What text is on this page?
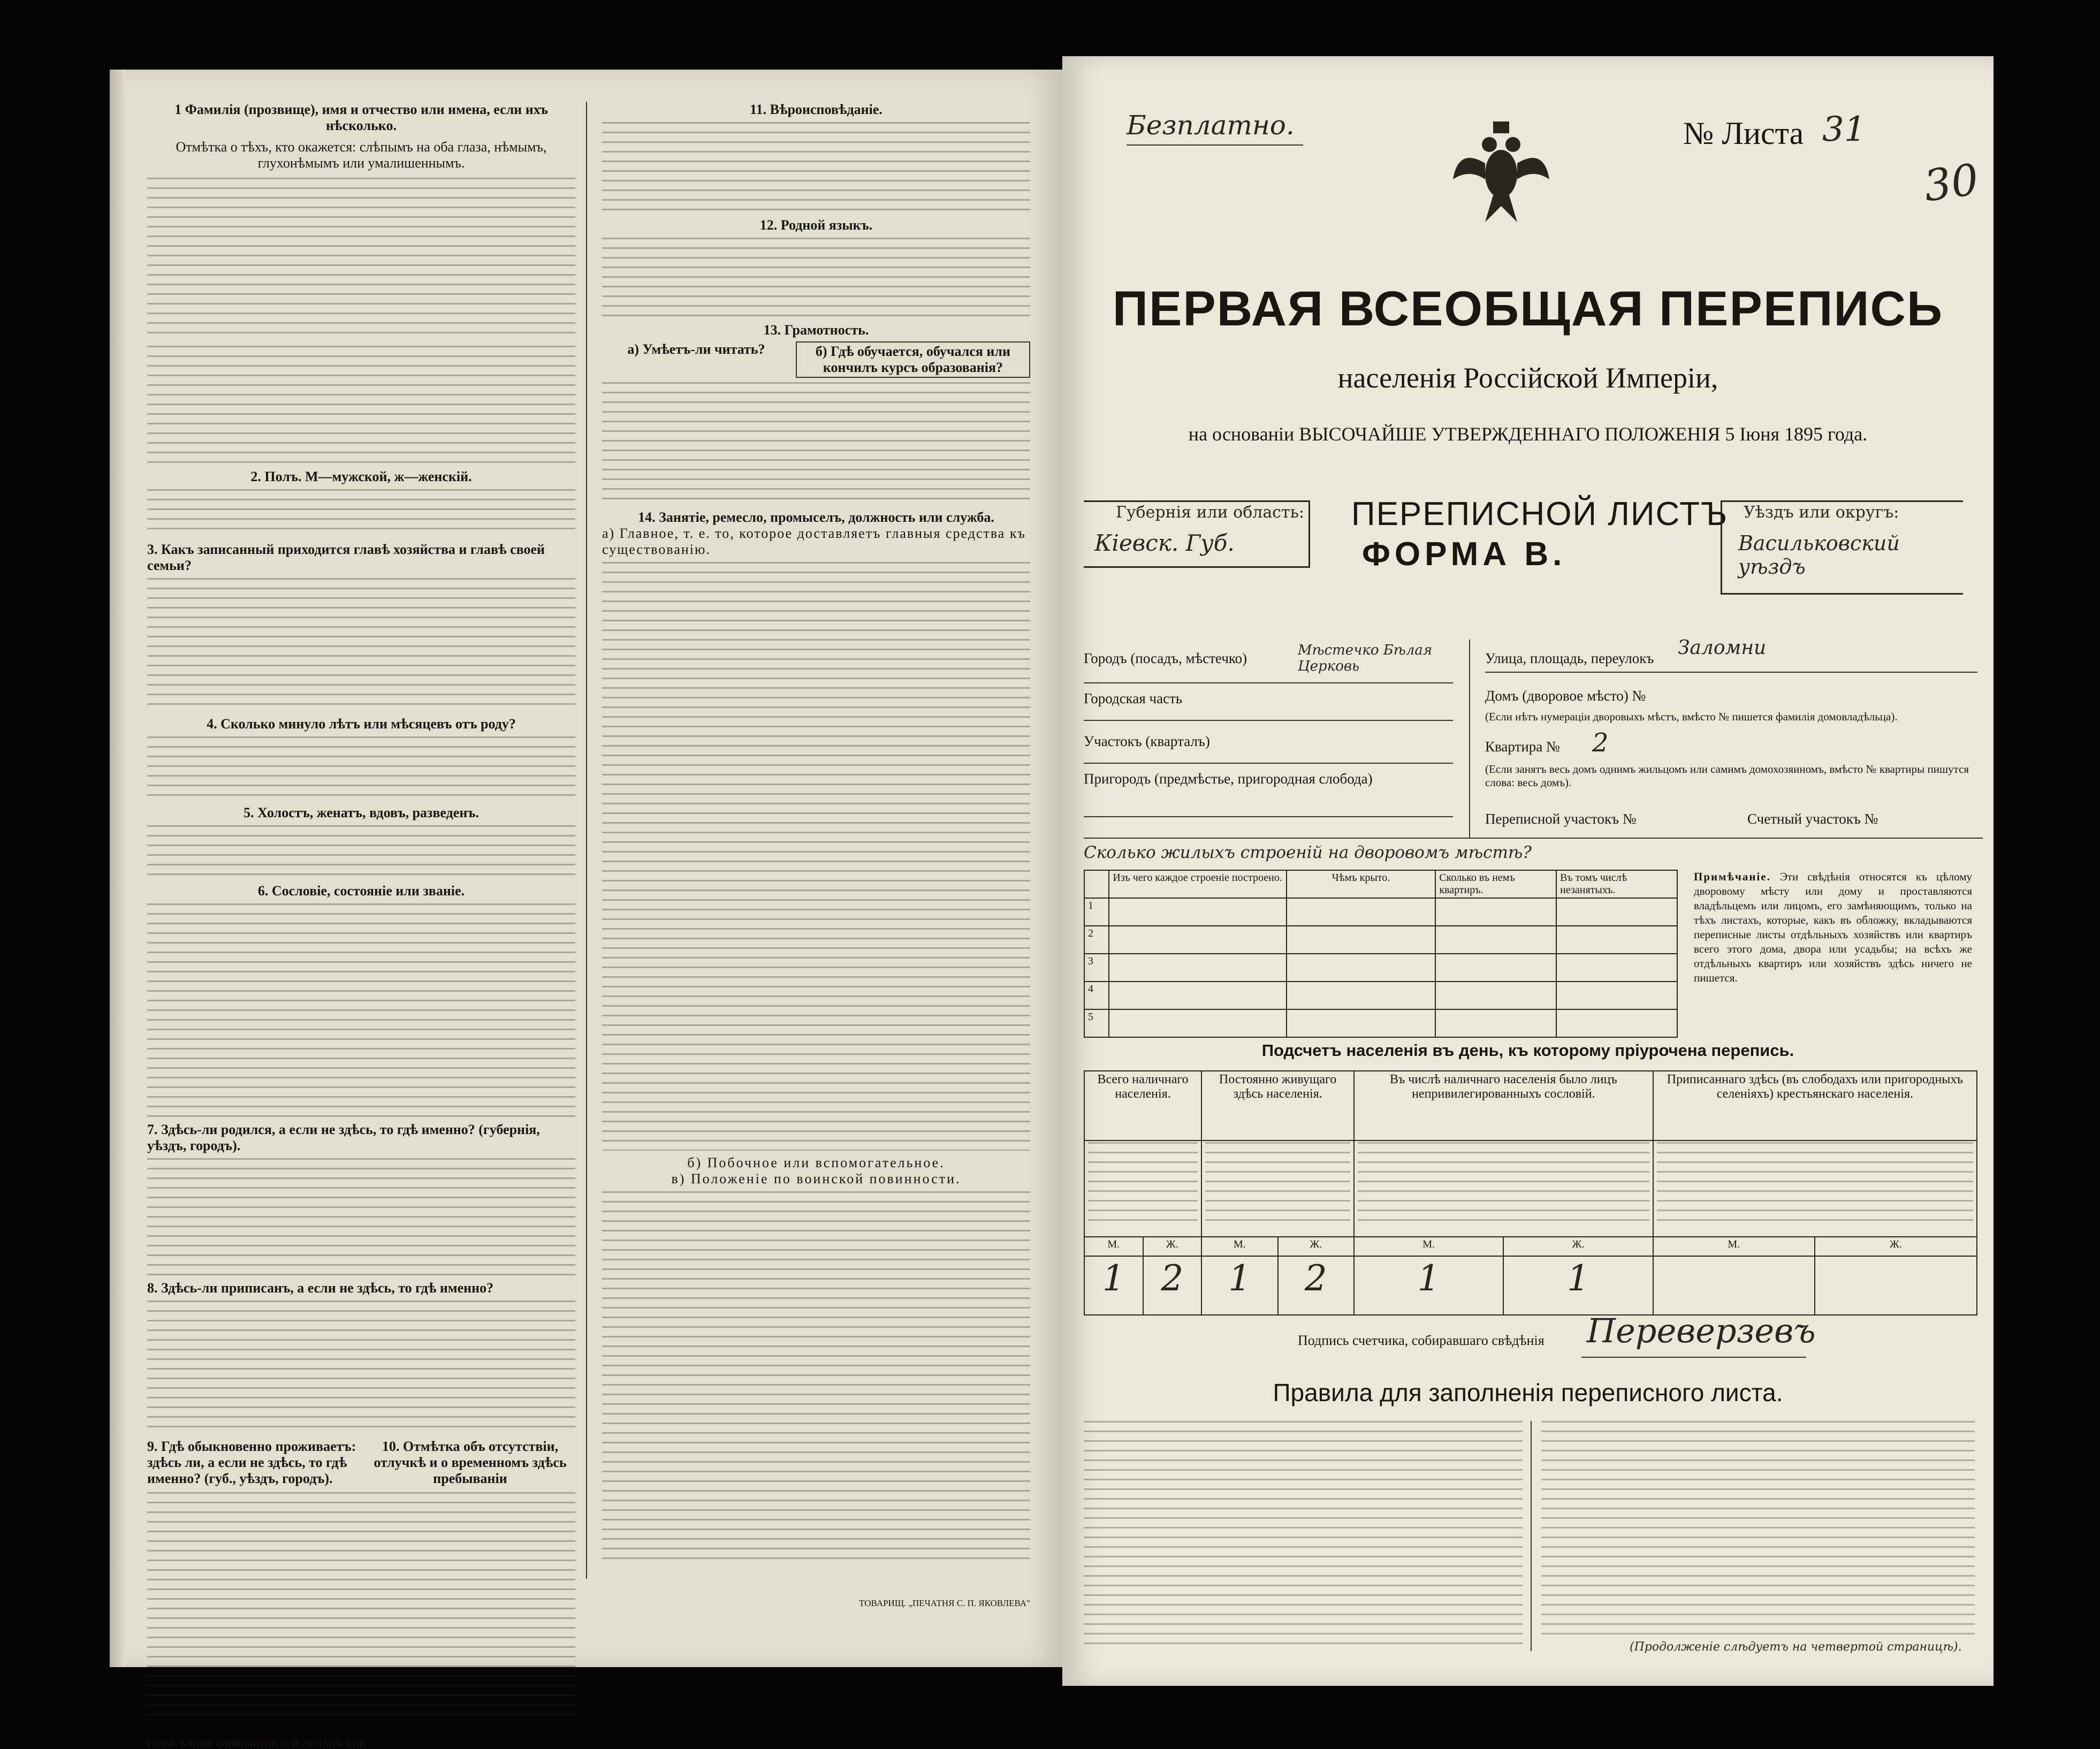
1 Фамилія (прозвище), имя и отчество или имена, если ихъ нѣсколько.
Отмѣтка о тѣхъ, кто окажется: слѣпымъ на оба глаза, нѣмымъ, глухонѣмымъ или умалишеннымъ.
2. Полъ. М—мужской, ж—женскій.
3. Какъ записанный приходится главѣ хозяйства и главѣ своей семьи?
4. Сколько минуло лѣтъ или мѣсяцевъ отъ роду?
5. Холостъ, женатъ, вдовъ, разведенъ.
6. Сословіе, состояніе или званіе.
7. Здѣсь-ли родился, а если не здѣсь, то гдѣ именно? (губернія, уѣздъ, городъ).
8. Здѣсь-ли приписанъ, а если не здѣсь, то гдѣ именно?
9. Гдѣ обыкновенно проживаетъ: здѣсь ли, а если не здѣсь, то гдѣ именно? (губ., уѣздъ, городъ).
10. Отмѣтка объ отсутствіи, отлучкѣ и о временномъ здѣсь пребываніи
ГАЛЬВ. КЛИШЕ СЛОВОЛИТНИ О. И. ЛЕМАНЪ, СПБ.
11. Вѣроисповѣданіе.
12. Родной языкъ.
13. Грамотность.
а) Умѣетъ-ли читать?	б) Гдѣ обучается, обучался или кончилъ курсъ образованія?
14. Занятіе, ремесло, промыселъ, должность или служба.
а) Главное, т. е. то, которое доставляетъ главныя средства къ существованію.
б) Побочное или вспомогательное.
в) Положеніе по воинской повинности.
ТОВАРИЩ. „ПЕЧАТНЯ С. П. ЯКОВЛЕВА"
Безплатно.	№ Листа 31
30
ПЕРВАЯ ВСЕОБЩАЯ ПЕРЕПИСЬ
населенія Россійской Имперіи,
на основаніи ВЫСОЧАЙШЕ УТВЕРЖДЕННАГО ПОЛОЖЕНІЯ 5 Іюня 1895 года.
Губернія или область:
Кіевск. Губ.
ПЕРЕПИСНОЙ ЛИСТЪ
ФОРМА В.
Уѣздъ или округъ:
Васильковский уѣздъ
Городъ (посадъ, мѣстечко)	Мѣстечко Бѣлая Церковь
Городская часть
Участокъ (кварталъ)
Пригородъ (предмѣстье, пригородная слобода)
Улица, площадь, переулокъ Заломни
Домъ (дворовое мѣсто) №
(Если нѣтъ нумераціи дворовыхъ мѣстъ, вмѣсто № пишется фамилія домовладѣльца).
Квартира № 2
(Если занятъ весь домъ однимъ жильцомъ или самимъ домохозяиномъ, вмѣсто № квартиры пишутся слова: весь домъ).
Переписной участокъ №	Счетный участокъ №
Сколько жилыхъ строеній на дворовомъ мѣстѣ?
	Изъ чего каждое строеніе построено.	Чѣмъ крыто.	Сколько въ немъ квартиръ.	Въ томъ числѣ незанятыхъ.
1				
2				
3				
4				
5				
Примѣчаніе. Эти свѣдѣнія относятся къ цѣлому дворовому мѣсту или дому и проставляются владѣльцемъ или лицомъ, его замѣняющимъ, только на тѣхъ листахъ, которые, какъ въ обложку, вкладываются переписные листы отдѣльныхъ хозяйствъ или квартиръ всего этого дома, двора или усадьбы; на всѣхъ же отдѣльныхъ квартиръ или хозяйствъ здѣсь ничего не пишется.
Подсчетъ населенія въ день, къ которому пріурочена перепись.
Всего наличнаго населенія.		Постоянно живущаго здѣсь населенія.		Въ числѣ наличнаго населенія было лицъ непривилегированныхъ сословій.		Приписаннаго здѣсь (въ слободахъ или пригородныхъ селеніяхъ) крестьянскаго населенія.	

М.	Ж.	М.	Ж.	М.	Ж.	М.	Ж.
1	2	1	2	1	1		
Подпись счетчика, собиравшаго свѣдѣнія Переверзевъ
Правила для заполненія переписного листа.
(Продолженіе слѣдуетъ на четвертой страницѣ).
